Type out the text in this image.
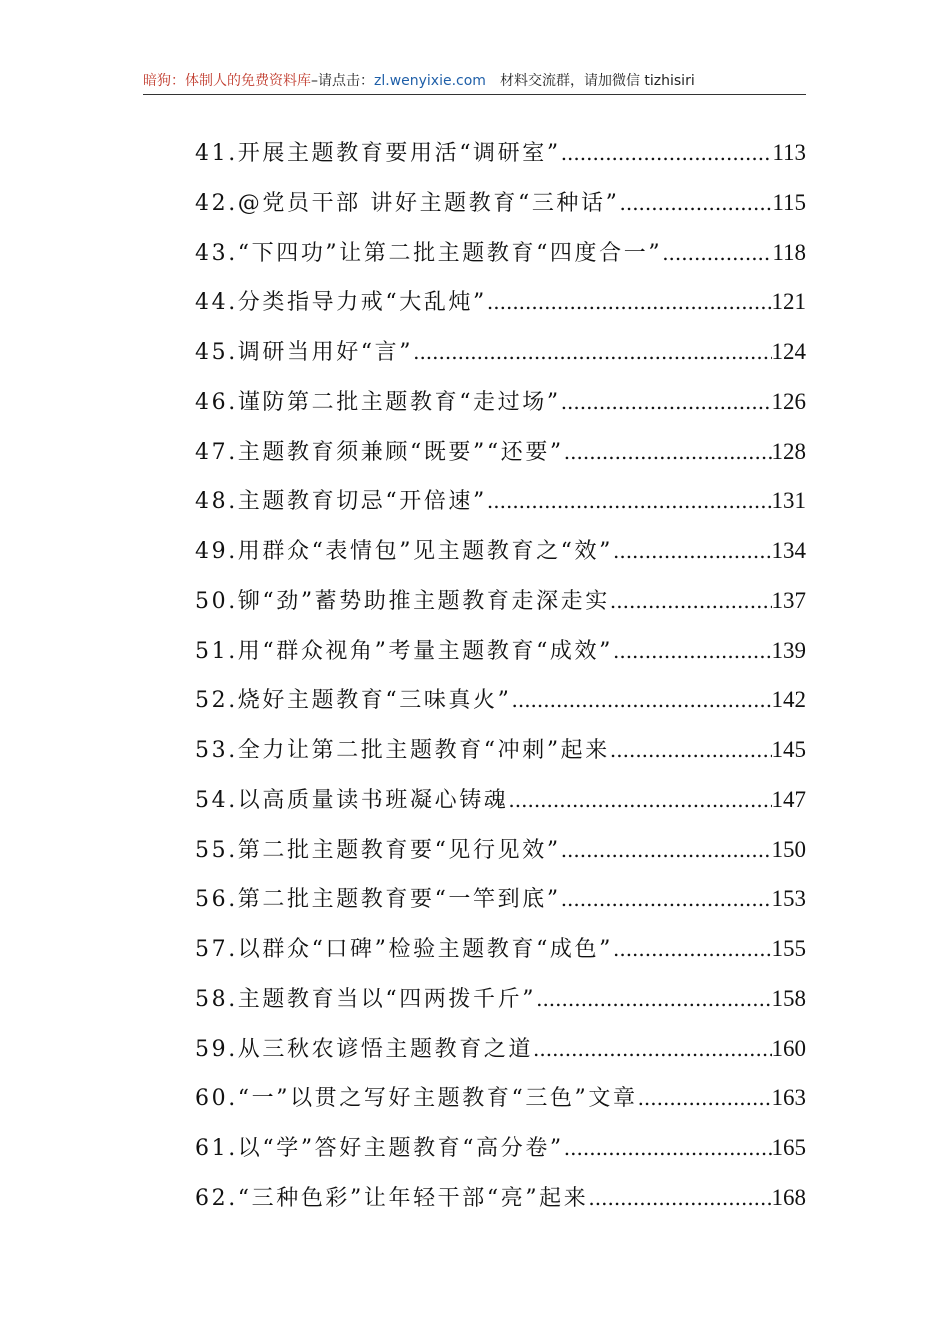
暗狗：体制人的免费资料库–请点击：zl.wenyixie.com 材料交流群，请加微信 tizhisiri
41.开展主题教育要用活“调研室” .....	113
42.@党员干部 讲好主题教育“三种话” .....	115
43.“下四功”让第二批主题教育“四度合一” .....	118
44.分类指导力戒“大乱炖” .....	121
45.调研当用好“言” .....	124
46.谨防第二批主题教育“走过场” .....	126
47.主题教育须兼顾“既要”“还要” .....	128
48.主题教育切忌“开倍速” .....	131
49.用群众“表情包”见主题教育之“效” .....	134
50.铆“劲”蓄势助推主题教育走深走实 .....	137
51.用“群众视角”考量主题教育“成效” .....	139
52.烧好主题教育“三味真火” .....	142
53.全力让第二批主题教育“冲刺”起来 .....	145
54.以高质量读书班凝心铸魂 .....	147
55.第二批主题教育要“见行见效” .....	150
56.第二批主题教育要“一竿到底” .....	153
57.以群众“口碑”检验主题教育“成色” .....	155
58.主题教育当以“四两拨千斤” .....	158
59.从三秋农谚悟主题教育之道 .....	160
60.“一”以贯之写好主题教育“三色”文章 .....	163
61.以“学”答好主题教育“高分卷” .....	165
62.“三种色彩”让年轻干部“亮”起来 .....	168
